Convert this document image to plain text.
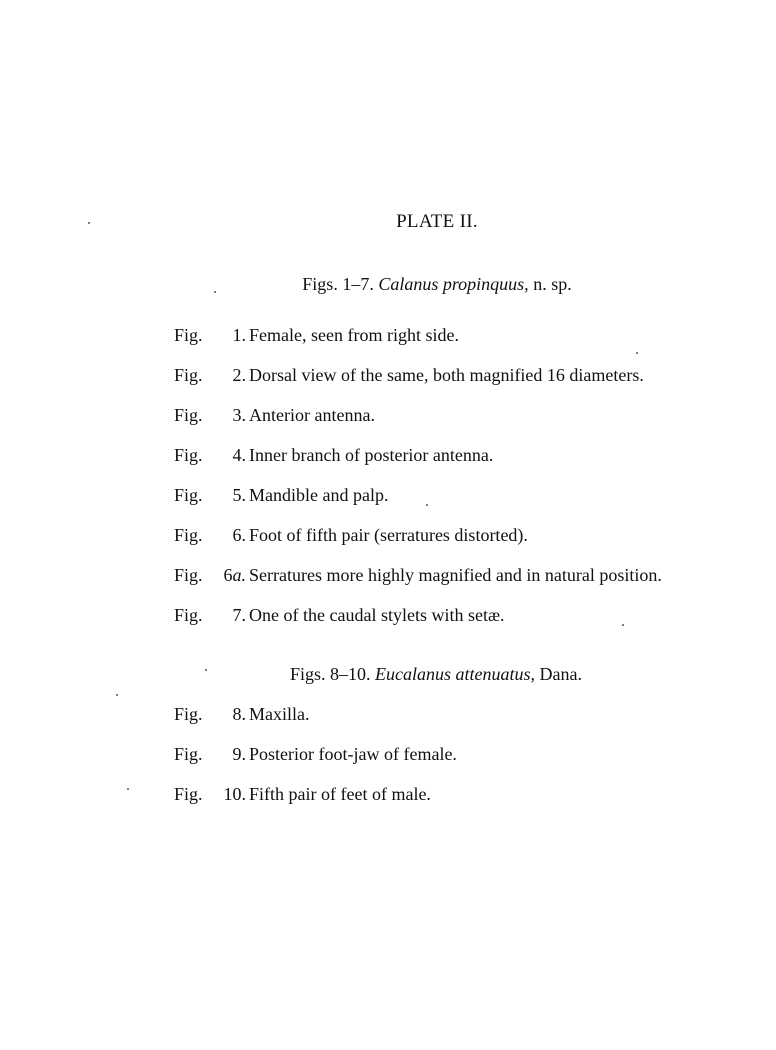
PLATE II.
Figs. 1–7. Calanus propinquus, n. sp.
Fig.	1. Female, seen from right side.
Fig.	2. Dorsal view of the same, both magnified 16 diameters.
Fig.	3. Anterior antenna.
Fig.	4. Inner branch of posterior antenna.
Fig.	5. Mandible and palp.
Fig.	6. Foot of fifth pair (serratures distorted).
Fig.	6a. Serratures more highly magnified and in natural position.
Fig.	7. One of the caudal stylets with setæ.
Figs. 8–10. Eucalanus attenuatus, Dana.
Fig.	8. Maxilla.
Fig.	9. Posterior foot-jaw of female.
Fig.	10. Fifth pair of feet of male.
